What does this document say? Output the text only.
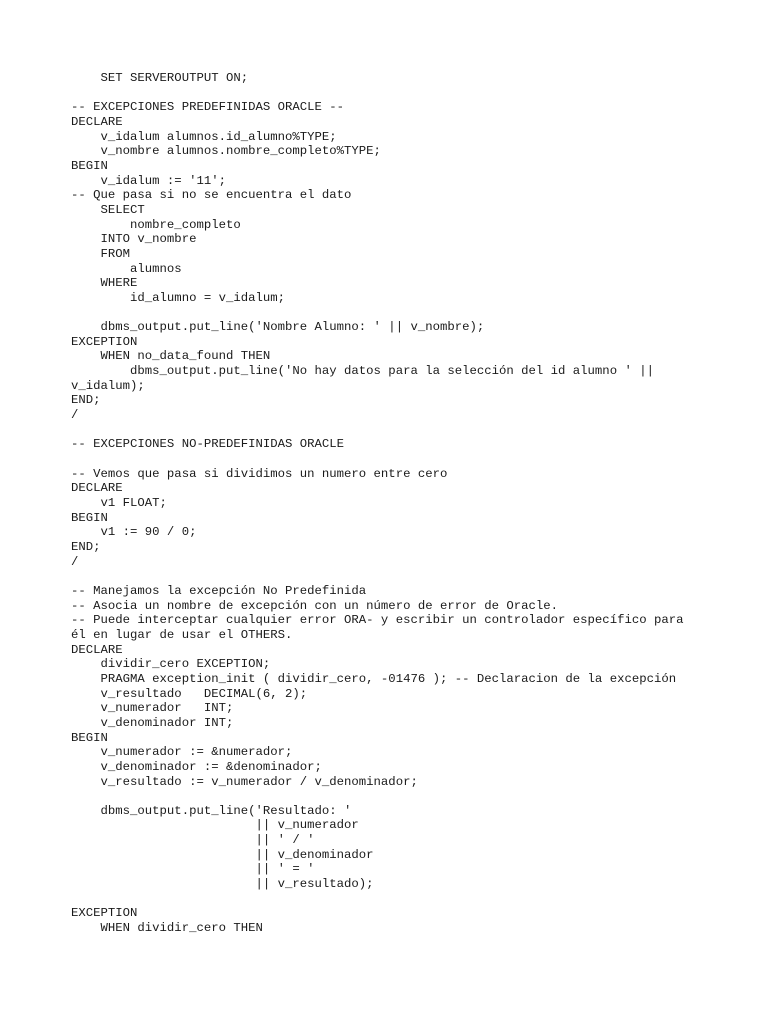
SET SERVEROUTPUT ON;
-- EXCEPCIONES PREDEFINIDAS ORACLE --
DECLARE
v_idalum alumnos.id_alumno%TYPE;
v_nombre alumnos.nombre_completo%TYPE;
BEGIN
v_idalum := '11';
-- Que pasa si no se encuentra el dato
SELECT
nombre_completo
INTO v_nombre
FROM
alumnos
WHERE
id_alumno = v_idalum;
dbms_output.put_line('Nombre Alumno: ' || v_nombre);
EXCEPTION
WHEN no_data_found THEN
dbms_output.put_line('No hay datos para la selección del id alumno ' ||
v_idalum);
END;
/
-- EXCEPCIONES NO-PREDEFINIDAS ORACLE
-- Vemos que pasa si dividimos un numero entre cero
DECLARE
v1 FLOAT;
BEGIN
v1 := 90 / 0;
END;
/
-- Manejamos la excepción No Predefinida
-- Asocia un nombre de excepción con un número de error de Oracle.
-- Puede interceptar cualquier error ORA- y escribir un controlador específico para
él en lugar de usar el OTHERS.
DECLARE
dividir_cero EXCEPTION;
PRAGMA exception_init ( dividir_cero, -01476 ); -- Declaracion de la excepción
v_resultado   DECIMAL(6, 2);
v_numerador   INT;
v_denominador INT;
BEGIN
v_numerador := &numerador;
v_denominador := &denominador;
v_resultado := v_numerador / v_denominador;
dbms_output.put_line('Resultado: '
|| v_numerador
|| ' / '
|| v_denominador
|| ' = '
|| v_resultado);
EXCEPTION
WHEN dividir_cero THEN
